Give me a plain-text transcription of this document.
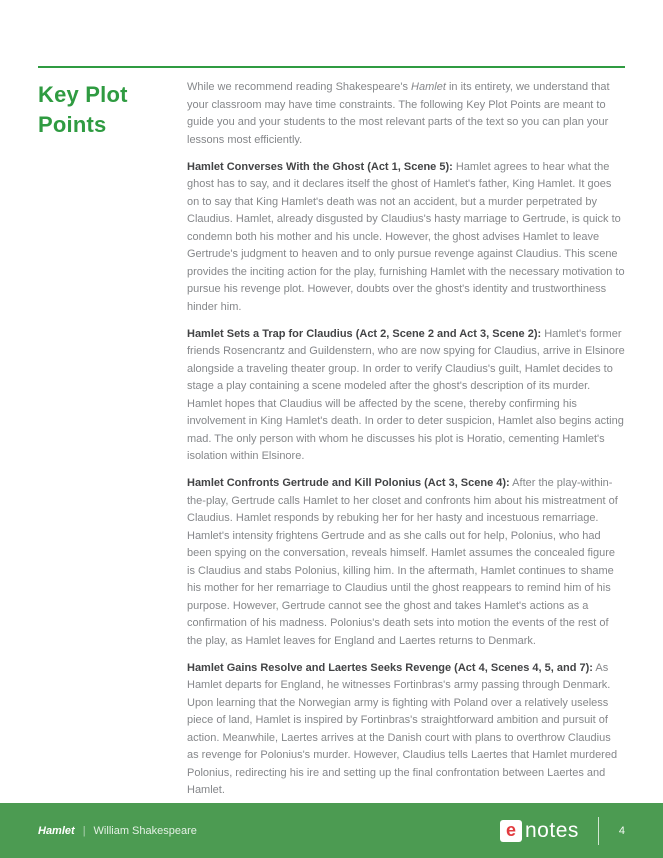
Key Plot
Points

While we recommend reading Shakespeare's Hamlet in its entirety, we understand that your classroom may have time constraints. The following Key Plot Points are meant to guide you and your students to the most relevant parts of the text so you can plan your lessons most efficiently.

Hamlet Converses With the Ghost (Act 1, Scene 5): Hamlet agrees to hear what the ghost has to say, and it declares itself the ghost of Hamlet's father, King Hamlet. It goes on to say that King Hamlet's death was not an accident, but a murder perpetrated by Claudius. Hamlet, already disgusted by Claudius's hasty marriage to Gertrude, is quick to condemn both his mother and his uncle. However, the ghost advises Hamlet to leave Gertrude's judgment to heaven and to only pursue revenge against Claudius. This scene provides the inciting action for the play, furnishing Hamlet with the necessary motivation to pursue his revenge plot. However, doubts over the ghost's identity and trustworthiness hinder him.

Hamlet Sets a Trap for Claudius (Act 2, Scene 2 and Act 3, Scene 2): Hamlet's former friends Rosencrantz and Guildenstern, who are now spying for Claudius, arrive in Elsinore alongside a traveling theater group. In order to verify Claudius's guilt, Hamlet decides to stage a play containing a scene modeled after the ghost's description of its murder. Hamlet hopes that Claudius will be affected by the scene, thereby confirming his involvement in King Hamlet's death. In order to deter suspicion, Hamlet also begins acting mad. The only person with whom he discusses his plot is Horatio, cementing Hamlet's isolation within Elsinore.

Hamlet Confronts Gertrude and Kill Polonius (Act 3, Scene 4): After the play-within-the-play, Gertrude calls Hamlet to her closet and confronts him about his mistreatment of Claudius. Hamlet responds by rebuking her for her hasty and incestuous remarriage. Hamlet's intensity frightens Gertrude and as she calls out for help, Polonius, who had been spying on the conversation, reveals himself. Hamlet assumes the concealed figure is Claudius and stabs Polonius, killing him. In the aftermath, Hamlet continues to shame his mother for her remarriage to Claudius until the ghost reappears to remind him of his purpose. However, Gertrude cannot see the ghost and takes Hamlet's actions as a confirmation of his madness. Polonius's death sets into motion the events of the rest of the play, as Hamlet leaves for England and Laertes returns to Denmark.

Hamlet Gains Resolve and Laertes Seeks Revenge (Act 4, Scenes 4, 5, and 7): As Hamlet departs for England, he witnesses Fortinbras's army passing through Denmark. Upon learning that the Norwegian army is fighting with Poland over a relatively useless piece of land, Hamlet is inspired by Fortinbras's straightforward ambition and pursuit of action. Meanwhile, Laertes arrives at the Danish court with plans to overthrow Claudius as revenge for Polonius's murder. However, Claudius tells Laertes that Hamlet murdered Polonius, redirecting his ire and setting up the final confrontation between Laertes and Hamlet.

Hamlet | William Shakespeare	e notes	4
